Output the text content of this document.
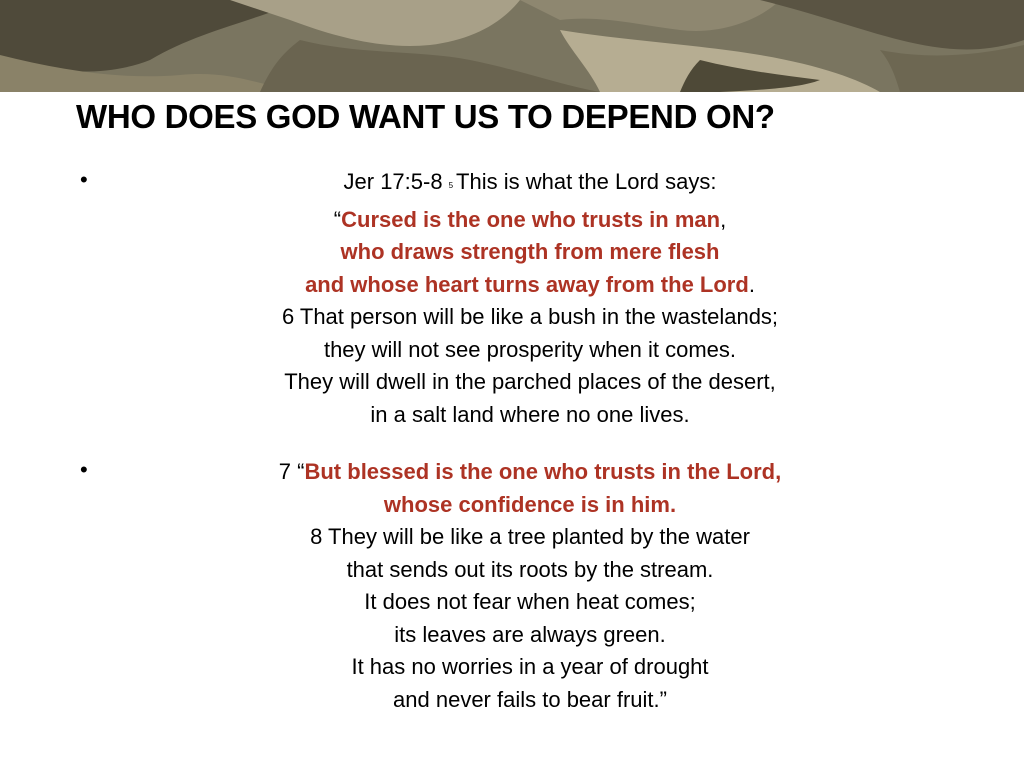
WHO DOES GOD WANT US TO DEPEND ON?
•	Jer 17:5-8 5 This is what the Lord says:
“Cursed is the one who trusts in man,
who draws strength from mere flesh
and whose heart turns away from the Lord.
6 That person will be like a bush in the wastelands;
they will not see prosperity when it comes.
They will dwell in the parched places of the desert,
in a salt land where no one lives.
•	7 “But blessed is the one who trusts in the Lord,
whose confidence is in him.
8 They will be like a tree planted by the water
that sends out its roots by the stream.
It does not fear when heat comes;
its leaves are always green.
It has no worries in a year of drought
and never fails to bear fruit.”
